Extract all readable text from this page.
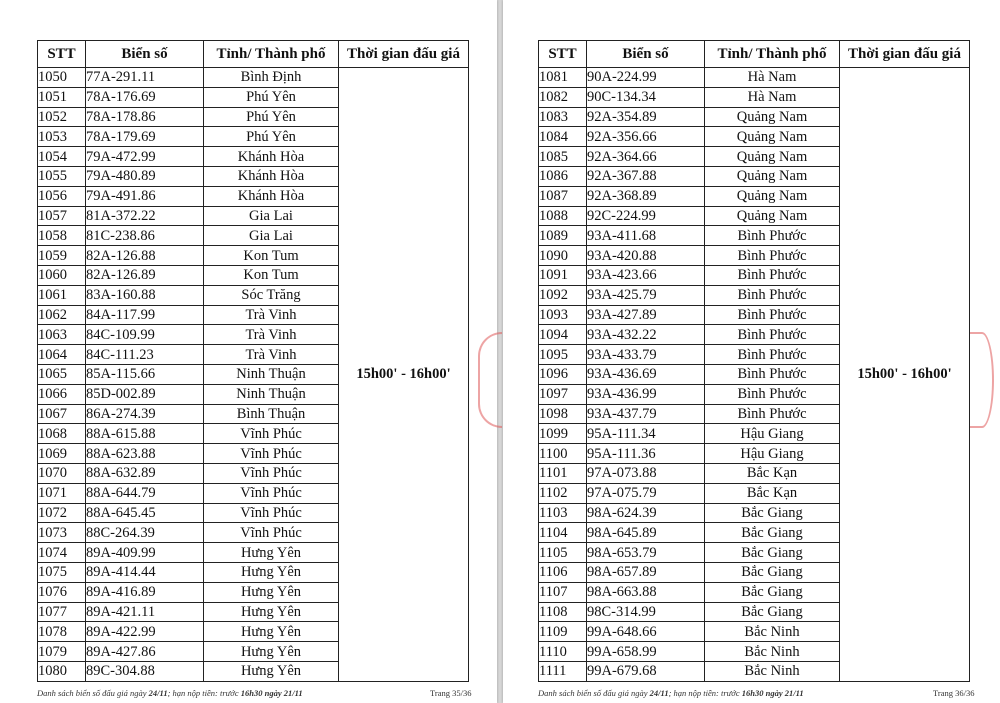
STT	Biển số	Tỉnh/ Thành phố	Thời gian đấu giá
1050	77A-291.11	Bình Định	15h00' - 16h00'
1051	78A-176.69	Phú Yên	
1052	78A-178.86	Phú Yên	
1053	78A-179.69	Phú Yên	
1054	79A-472.99	Khánh Hòa	
1055	79A-480.89	Khánh Hòa	
1056	79A-491.86	Khánh Hòa	
1057	81A-372.22	Gia Lai	
1058	81C-238.86	Gia Lai	
1059	82A-126.88	Kon Tum	
1060	82A-126.89	Kon Tum	
1061	83A-160.88	Sóc Trăng	
1062	84A-117.99	Trà Vinh	
1063	84C-109.99	Trà Vinh	
1064	84C-111.23	Trà Vinh	
1065	85A-115.66	Ninh Thuận	
1066	85D-002.89	Ninh Thuận	
1067	86A-274.39	Bình Thuận	
1068	88A-615.88	Vĩnh Phúc	
1069	88A-623.88	Vĩnh Phúc	
1070	88A-632.89	Vĩnh Phúc	
1071	88A-644.79	Vĩnh Phúc	
1072	88A-645.45	Vĩnh Phúc	
1073	88C-264.39	Vĩnh Phúc	
1074	89A-409.99	Hưng Yên	
1075	89A-414.44	Hưng Yên	
1076	89A-416.89	Hưng Yên	
1077	89A-421.11	Hưng Yên	
1078	89A-422.99	Hưng Yên	
1079	89A-427.86	Hưng Yên	
1080	89C-304.88	Hưng Yên	
Danh sách biển số đấu giá ngày 24/11; hạn nộp tiền: trước 16h30 ngày 21/11	Trang 35/36
STT	Biển số	Tỉnh/ Thành phố	Thời gian đấu giá
1081	90A-224.99	Hà Nam	15h00' - 16h00'
1082	90C-134.34	Hà Nam	
1083	92A-354.89	Quảng Nam	
1084	92A-356.66	Quảng Nam	
1085	92A-364.66	Quảng Nam	
1086	92A-367.88	Quảng Nam	
1087	92A-368.89	Quảng Nam	
1088	92C-224.99	Quảng Nam	
1089	93A-411.68	Bình Phước	
1090	93A-420.88	Bình Phước	
1091	93A-423.66	Bình Phước	
1092	93A-425.79	Bình Phước	
1093	93A-427.89	Bình Phước	
1094	93A-432.22	Bình Phước	
1095	93A-433.79	Bình Phước	
1096	93A-436.69	Bình Phước	
1097	93A-436.99	Bình Phước	
1098	93A-437.79	Bình Phước	
1099	95A-111.34	Hậu Giang	
1100	95A-111.36	Hậu Giang	
1101	97A-073.88	Bắc Kạn	
1102	97A-075.79	Bắc Kạn	
1103	98A-624.39	Bắc Giang	
1104	98A-645.89	Bắc Giang	
1105	98A-653.79	Bắc Giang	
1106	98A-657.89	Bắc Giang	
1107	98A-663.88	Bắc Giang	
1108	98C-314.99	Bắc Giang	
1109	99A-648.66	Bắc Ninh	
1110	99A-658.99	Bắc Ninh	
1111	99A-679.68	Bắc Ninh	
Danh sách biển số đấu giá ngày 24/11; hạn nộp tiền: trước 16h30 ngày 21/11	Trang 36/36
